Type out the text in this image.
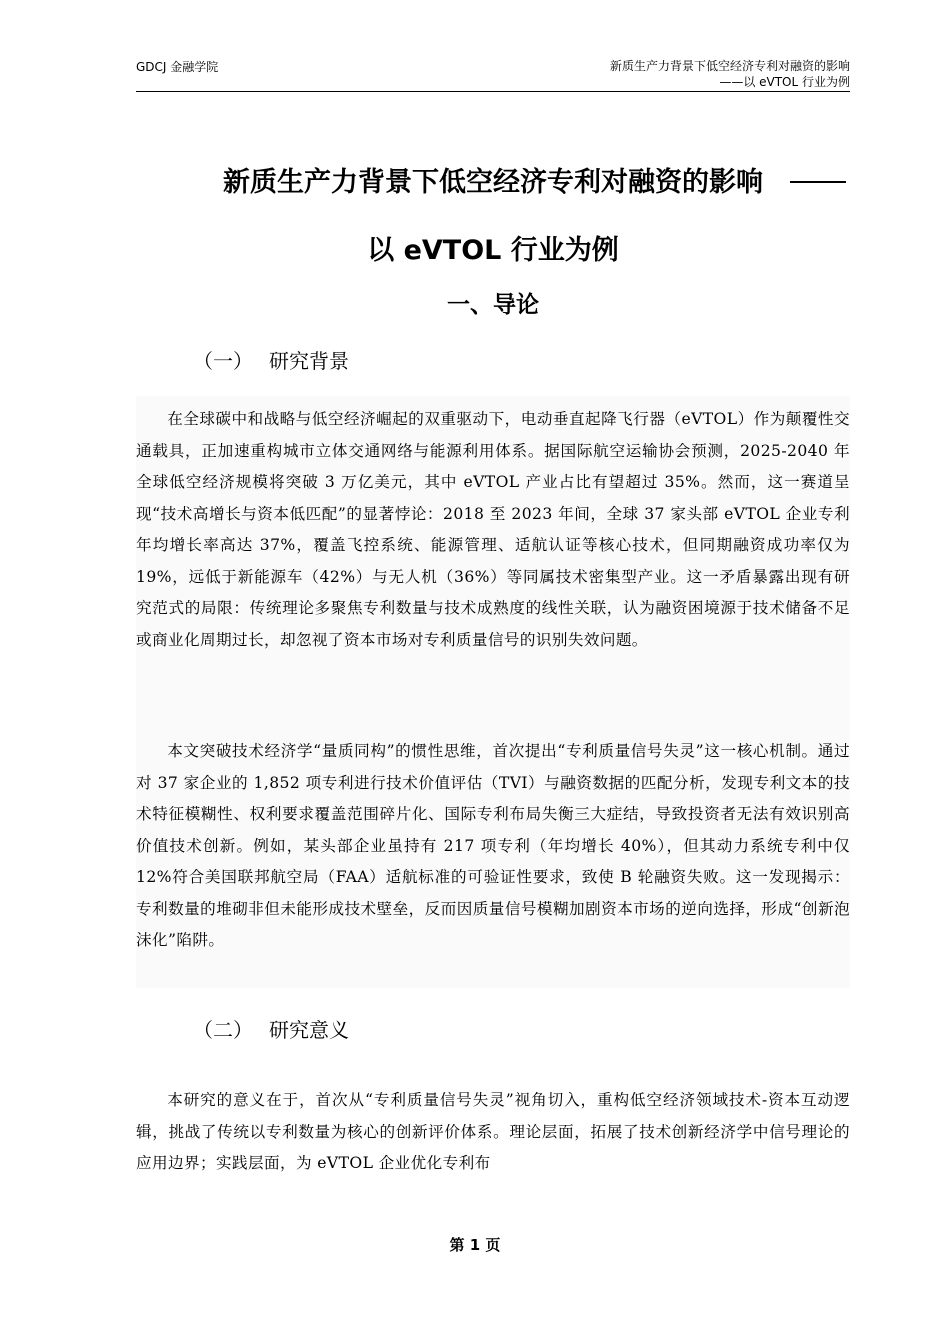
GDCJ 金融学院	新质生产力背景下低空经济专利对融资的影响
——以 eVTOL 行业为例
新质生产力背景下低空经济专利对融资的影响
以 eVTOL 行业为例
一、导论
（一） 研究背景
在全球碳中和战略与低空经济崛起的双重驱动下，电动垂直起降飞行器（eVTOL）作为颠覆性交通载具，正加速重构城市立体交通网络与能源利用体系。据国际航空运输协会预测，2025-2040 年全球低空经济规模将突破 3 万亿美元，其中 eVTOL 产业占比有望超过 35%。然而，这一赛道呈现“技术高增长与资本低匹配”的显著悖论：2018 至 2023 年间，全球 37 家头部 eVTOL 企业专利年均增长率高达 37%，覆盖飞控系统、能源管理、适航认证等核心技术，但同期融资成功率仅为 19%，远低于新能源车（42%）与无人机（36%）等同属技术密集型产业。这一矛盾暴露出现有研究范式的局限：传统理论多聚焦专利数量与技术成熟度的线性关联，认为融资困境源于技术储备不足或商业化周期过长，却忽视了资本市场对专利质量信号的识别失效问题。
本文突破技术经济学“量质同构”的惯性思维，首次提出“专利质量信号失灵”这一核心机制。通过对 37 家企业的 1,852 项专利进行技术价值评估（TVI）与融资数据的匹配分析，发现专利文本的技术特征模糊性、权利要求覆盖范围碎片化、国际专利布局失衡三大症结，导致投资者无法有效识别高价值技术创新。例如，某头部企业虽持有 217 项专利（年均增长 40%），但其动力系统专利中仅 12%符合美国联邦航空局（FAA）适航标准的可验证性要求，致使 B 轮融资失败。这一发现揭示：专利数量的堆砌非但未能形成技术壁垒，反而因质量信号模糊加剧资本市场的逆向选择，形成“创新泡沫化”陷阱。
（二） 研究意义
本研究的意义在于，首次从“专利质量信号失灵”视角切入，重构低空经济领域技术-资本互动逻辑，挑战了传统以专利数量为核心的创新评价体系。理论层面，拓展了技术创新经济学中信号理论的应用边界；实践层面，为 eVTOL 企业优化专利布
第 1 页
